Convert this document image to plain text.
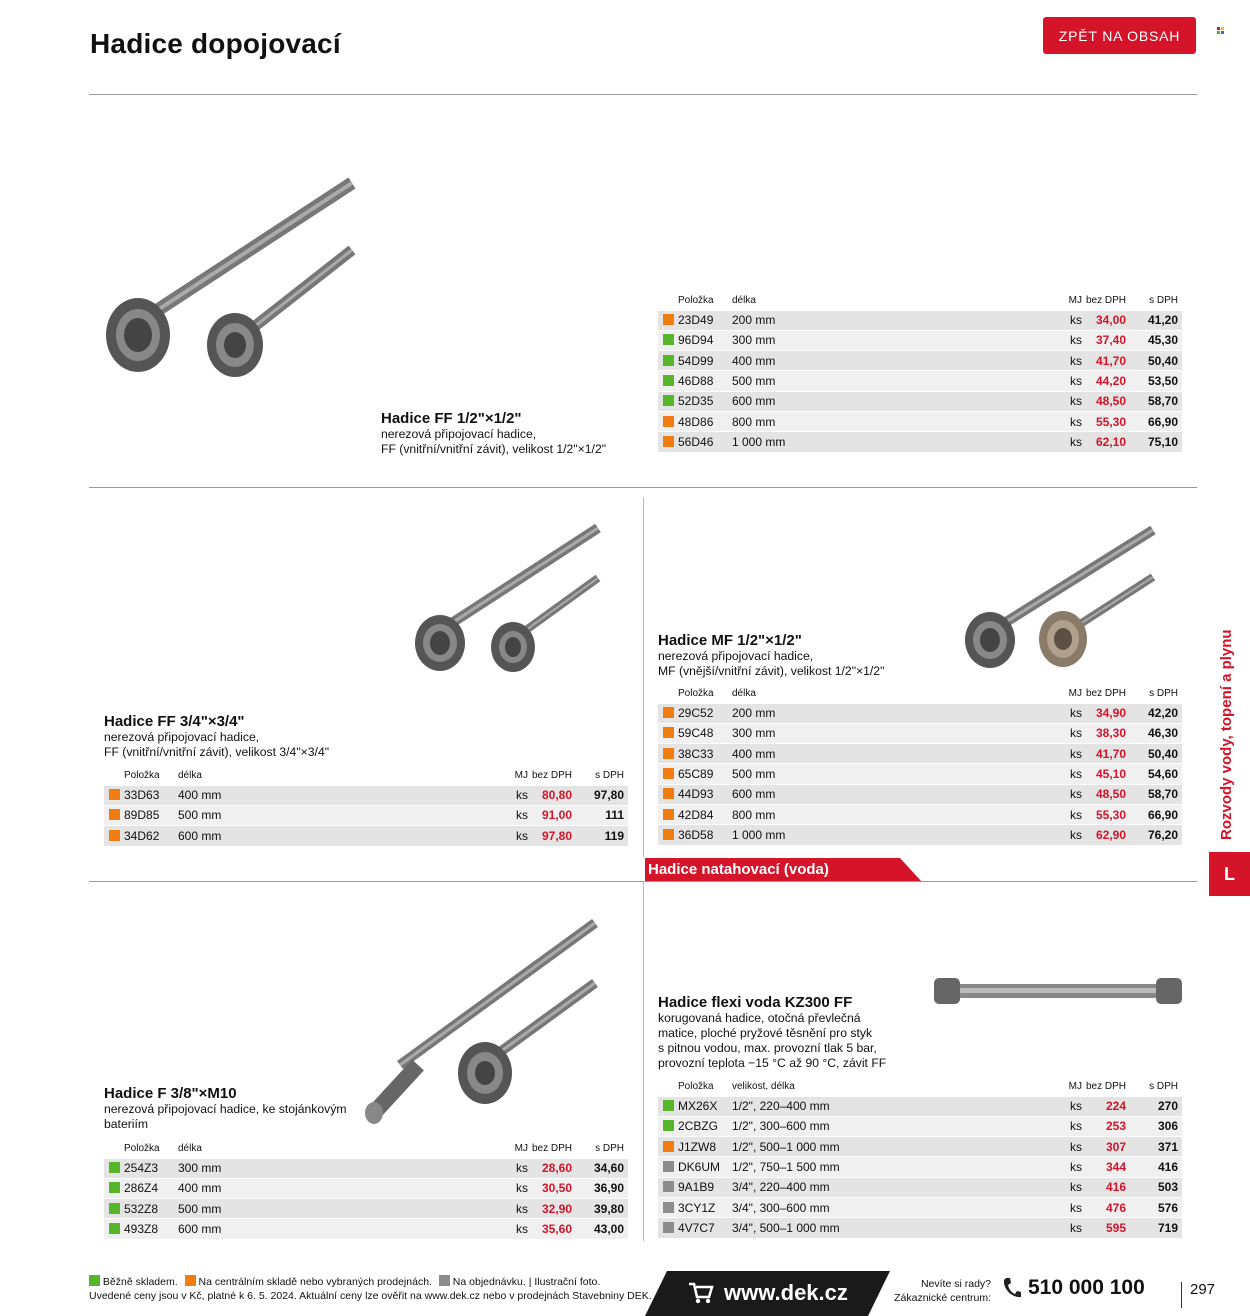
Hadice dopojovací	ZPĚT NA OBSAH
Hadice FF 1/2"×1/2"
nerezová připojovací hadice,
FF (vnitřní/vnitřní závit), velikost 1/2"×1/2"
	Položka	délka	MJ	bez DPH	s DPH
	23D49	200 mm	ks	34,00	41,20
	96D94	300 mm	ks	37,40	45,30
	54D99	400 mm	ks	41,70	50,40
	46D88	500 mm	ks	44,20	53,50
	52D35	600 mm	ks	48,50	58,70
	48D86	800 mm	ks	55,30	66,90
	56D46	1 000 mm	ks	62,10	75,10
Hadice FF 3/4"×3/4"
nerezová připojovací hadice,
FF (vnitřní/vnitřní závit), velikost 3/4"×3/4"
	Položka	délka	MJ	bez DPH	s DPH
	33D63	400 mm	ks	80,80	97,80
	89D85	500 mm	ks	91,00	111
	34D62	600 mm	ks	97,80	119
Hadice MF 1/2"×1/2"
nerezová připojovací hadice,
MF (vnější/vnitřní závit), velikost 1/2"×1/2"
	Položka	délka	MJ	bez DPH	s DPH
	29C52	200 mm	ks	34,90	42,20
	59C48	300 mm	ks	38,30	46,30
	38C33	400 mm	ks	41,70	50,40
	65C89	500 mm	ks	45,10	54,60
	44D93	600 mm	ks	48,50	58,70
	42D84	800 mm	ks	55,30	66,90
	36D58	1 000 mm	ks	62,90	76,20
Hadice natahovací (voda)
Hadice F 3/8"×M10
nerezová připojovací hadice, ke stojánkovým
bateriím
	Položka	délka	MJ	bez DPH	s DPH
	254Z3	300 mm	ks	28,60	34,60
	286Z4	400 mm	ks	30,50	36,90
	532Z8	500 mm	ks	32,90	39,80
	493Z8	600 mm	ks	35,60	43,00
Hadice flexi voda KZ300 FF
korugovaná hadice, otočná převlečná
matice, ploché pryžové těsnění pro styk
s pitnou vodou, max. provozní tlak 5 bar,
provozní teplota −15 °C až 90 °C, závit FF
	Položka	velikost, délka	MJ	bez DPH	s DPH
	MX26X	1/2", 220–400 mm	ks	224	270
	2CBZG	1/2", 300–600 mm	ks	253	306
	J1ZW8	1/2", 500–1 000 mm	ks	307	371
	DK6UM	1/2", 750–1 500 mm	ks	344	416
	9A1B9	3/4", 220–400 mm	ks	416	503
	3CY1Z	3/4", 300–600 mm	ks	476	576
	4V7C7	3/4", 500–1 000 mm	ks	595	719
Rozvody vody, topení a plynu
L
Běžně skladem. Na centrálním skladě nebo vybraných prodejnách. Na objednávku. | Ilustrační foto.
Uvedené ceny jsou v Kč, platné k 6. 5. 2024. Aktuální ceny lze ověřit na www.dek.cz nebo v prodejnách Stavebniny DEK.	www.dek.cz	Nevíte si rady?
Zákaznické centrum: 510 000 100	297
